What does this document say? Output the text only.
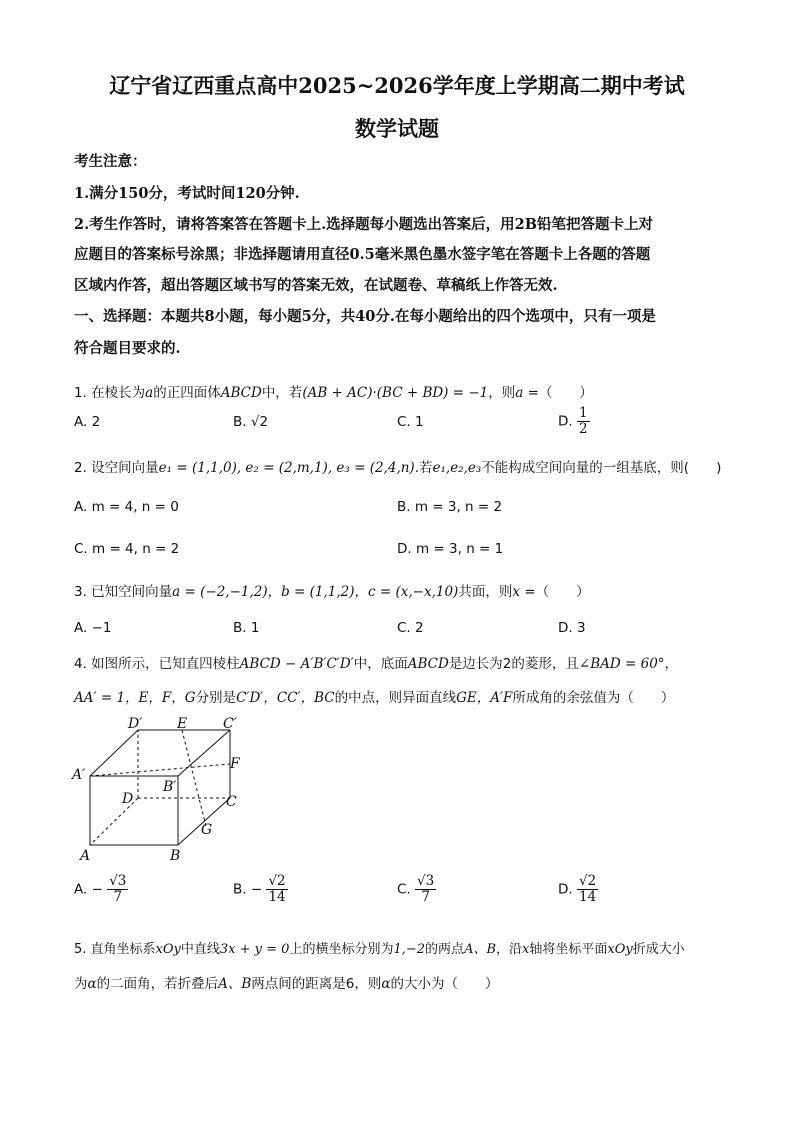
辽宁省辽西重点高中2025~2026学年度上学期高二期中考试
数学试题
考生注意：
1.满分150分，考试时间120分钟.
2.考生作答时，请将答案答在答题卡上.选择题每小题选出答案后，用2B铅笔把答题卡上对
应题目的答案标号涂黑；非选择题请用直径0.5毫米黑色墨水签字笔在答题卡上各题的答题
区域内作答，超出答题区域书写的答案无效，在试题卷、草稿纸上作答无效.
一、选择题：本题共8小题，每小题5分，共40分.在每小题给出的四个选项中，只有一项是
符合题目要求的.
1. 在棱长为a的正四面体ABCD中，若(AB + AC)·(BC + BD) = −1，则a =（　　）
A. 2	B. √2	C. 1	D. $\frac{1}{2}$
2. 设空间向量e₁ = (1,1,0), e₂ = (2,m,1), e₃ = (2,4,n).若e₁,e₂,e₃不能构成空间向量的一组基底，则(　　)
A. m = 4, n = 0	B. m = 3, n = 2
C. m = 4, n = 2	D. m = 3, n = 1
3. 已知空间向量a = (−2,−1,2)，b = (1,1,2)，c = (x,−x,10)共面，则x =（　　）
A. −1	B. 1	C. 2	D. 3
4. 如图所示，已知直四棱柱ABCD − A′B′C′D′中，底面ABCD是边长为2的菱形，且∠BAD = 60°，
AA′ = 1，E，F，G分别是C′D′，CC′，BC的中点，则异面直线GE，A′F所成角的余弦值为（　　）
D′ E	C′
A′
F
B′
D	C
G
A	B
A. − $\frac{√3}{7}$	B. − $\frac{√2}{14}$	C. $\frac{√3}{7}$	D. $\frac{√2}{14}$
5. 直角坐标系xOy中直线3x + y = 0上的横坐标分别为1,−2的两点A、B，沿x轴将坐标平面xOy折成大小
为α的二面角，若折叠后A、B两点间的距离是6，则α的大小为（　　）
